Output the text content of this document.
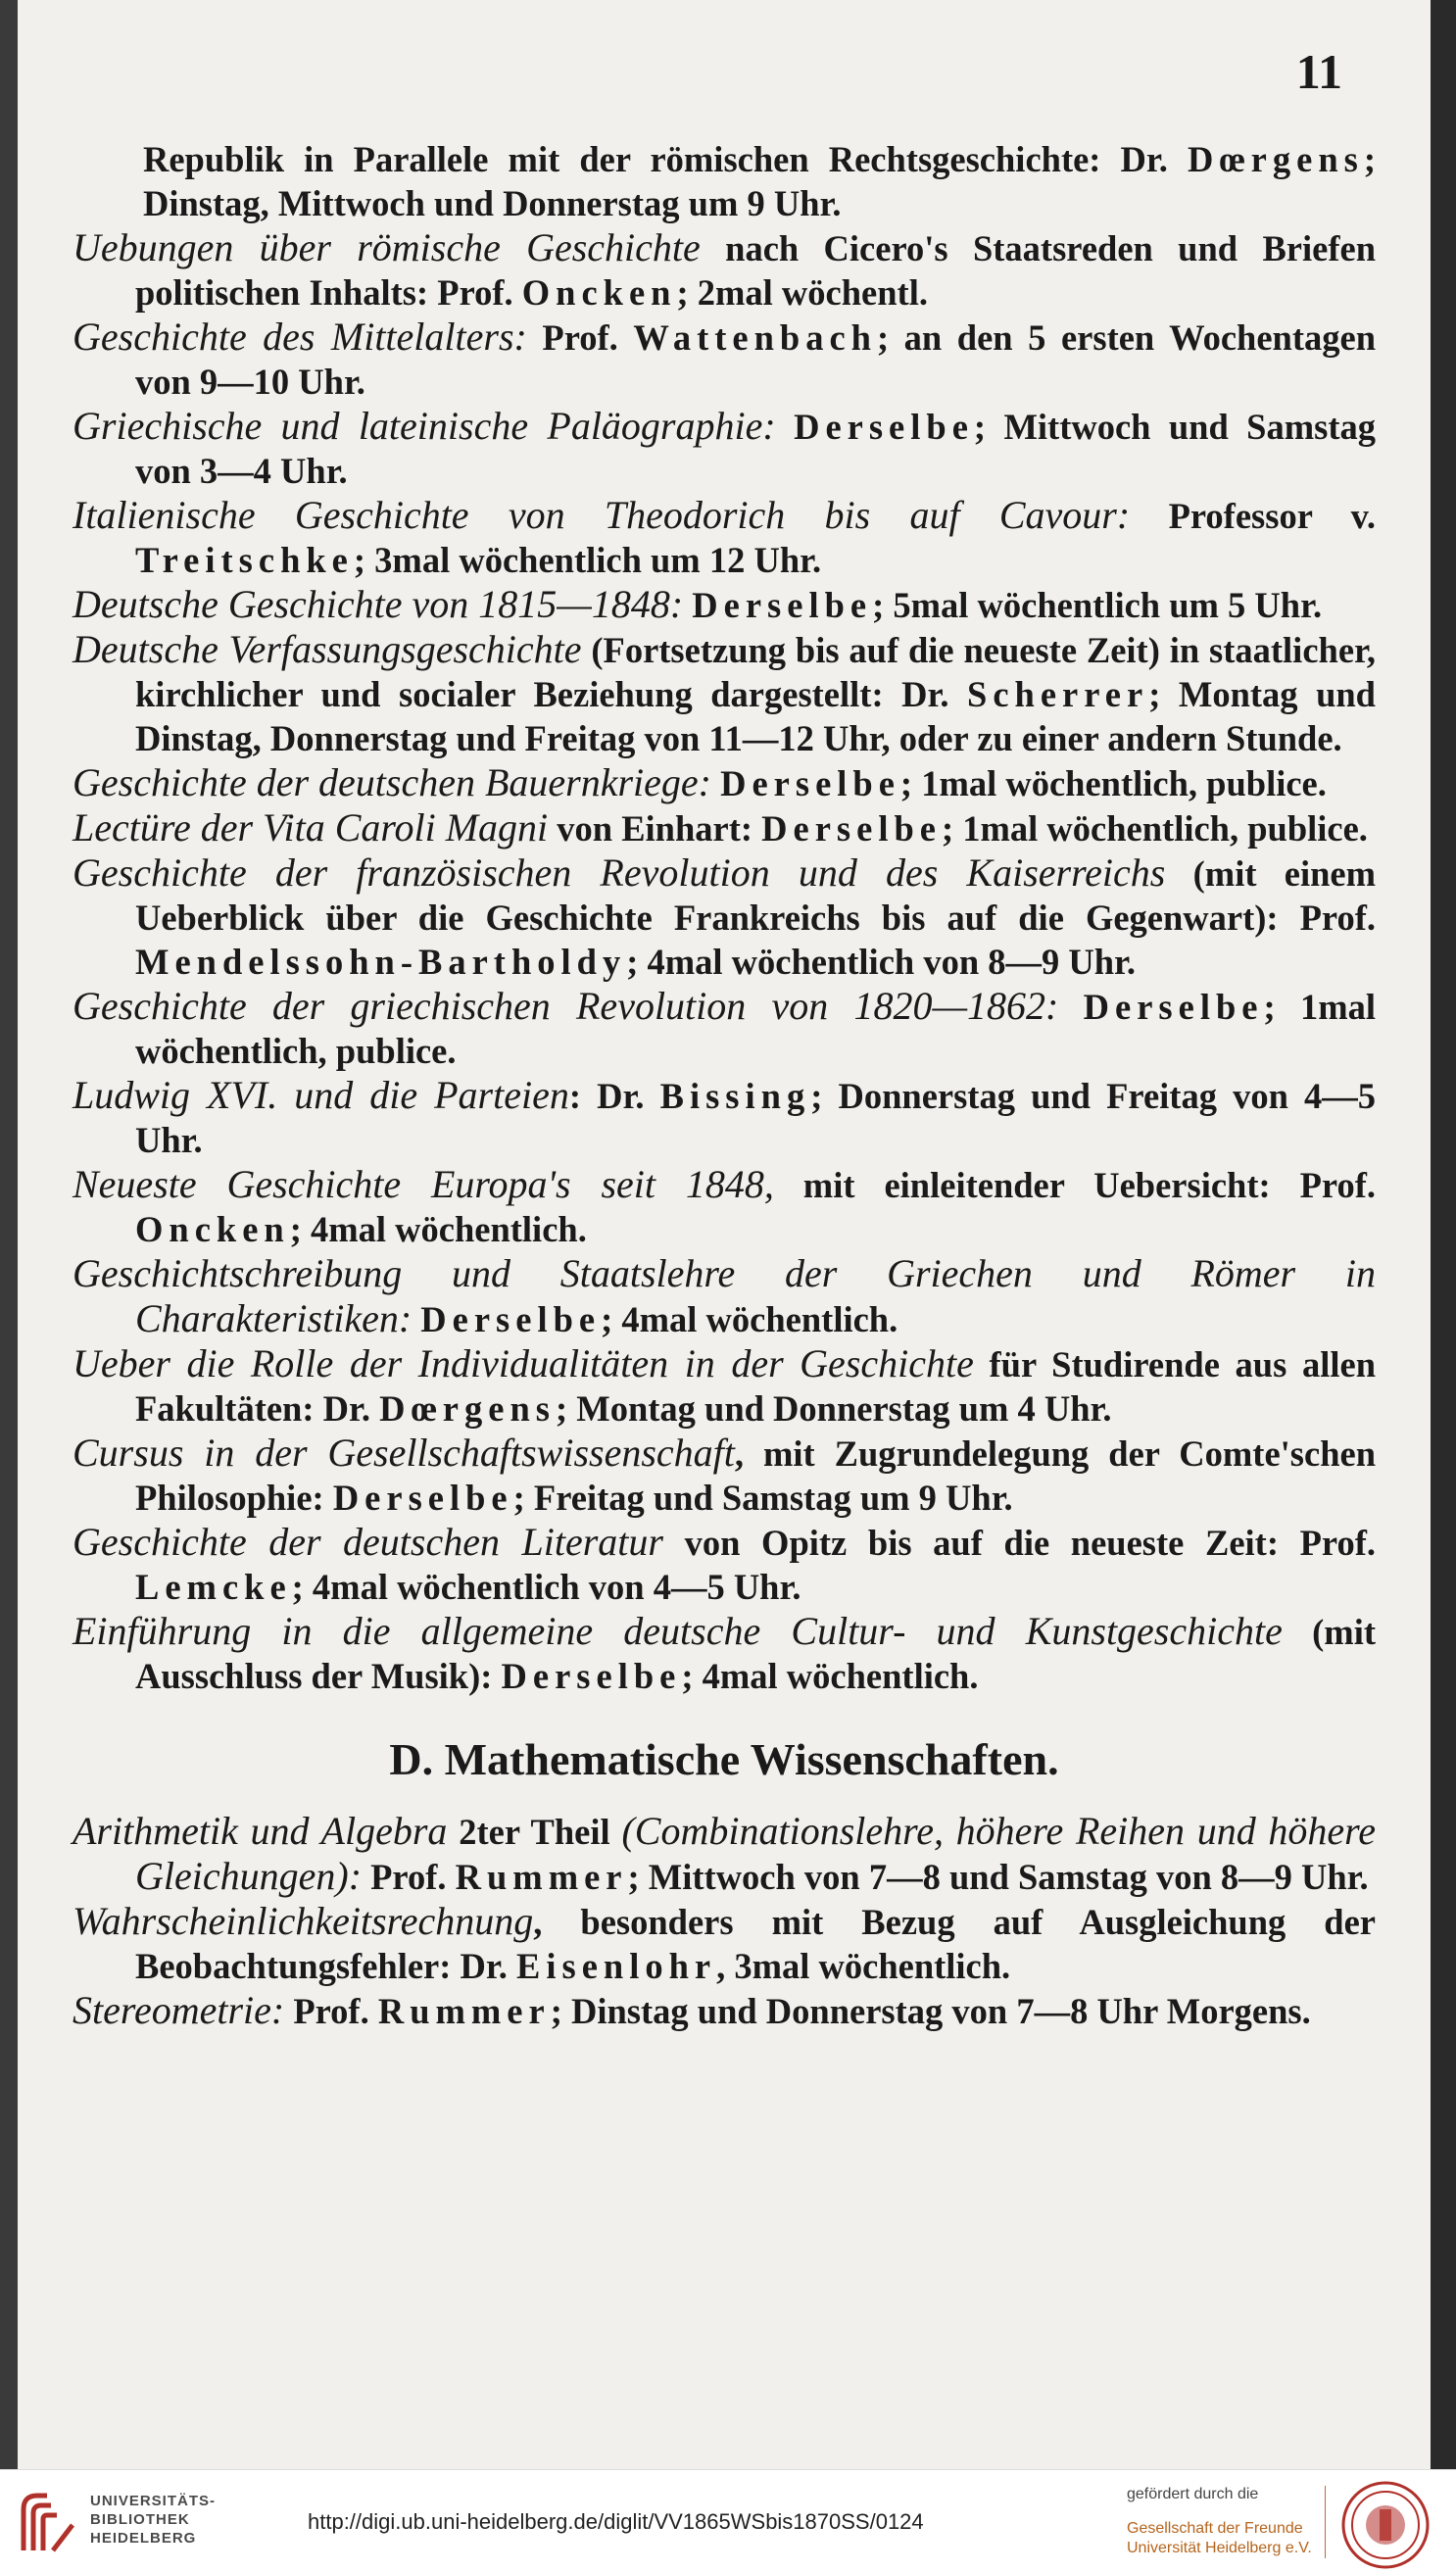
11

Republik in Parallele mit der römischen Rechtsgeschichte: Dr. Dœrgens; Dinstag, Mittwoch und Donnerstag um 9 Uhr.

Uebungen über römische Geschichte nach Cicero's Staatsreden und Briefen politischen Inhalts: Prof. Oncken; 2mal wöchentl.

Geschichte des Mittelalters: Prof. Wattenbach; an den 5 ersten Wochentagen von 9—10 Uhr.

Griechische und lateinische Paläographie: Derselbe; Mittwoch und Samstag von 3—4 Uhr.

Italienische Geschichte von Theodorich bis auf Cavour: Professor v. Treitschke; 3mal wöchentlich um 12 Uhr.

Deutsche Geschichte von 1815—1848: Derselbe; 5mal wöchentlich um 5 Uhr.

Deutsche Verfassungsgeschichte (Fortsetzung bis auf die neueste Zeit) in staatlicher, kirchlicher und socialer Beziehung dargestellt: Dr. Scherrer; Montag und Dinstag, Donnerstag und Freitag von 11—12 Uhr, oder zu einer andern Stunde.

Geschichte der deutschen Bauernkriege: Derselbe; 1mal wöchentlich, publice.

Lectüre der Vita Caroli Magni von Einhart: Derselbe; 1mal wöchentlich, publice.

Geschichte der französischen Revolution und des Kaiserreichs (mit einem Ueberblick über die Geschichte Frankreichs bis auf die Gegenwart): Prof. Mendelssohn-Bartholdy; 4mal wöchentlich von 8—9 Uhr.

Geschichte der griechischen Revolution von 1820—1862: Derselbe; 1mal wöchentlich, publice.

Ludwig XVI. und die Parteien: Dr. Bissing; Donnerstag und Freitag von 4—5 Uhr.

Neueste Geschichte Europa's seit 1848, mit einleitender Uebersicht: Prof. Oncken; 4mal wöchentlich.

Geschichtschreibung und Staatslehre der Griechen und Römer in Charakteristiken: Derselbe; 4mal wöchentlich.

Ueber die Rolle der Individualitäten in der Geschichte für Studirende aus allen Fakultäten: Dr. Dœrgens; Montag und Donnerstag um 4 Uhr.

Cursus in der Gesellschaftswissenschaft, mit Zugrundelegung der Comte'schen Philosophie: Derselbe; Freitag und Samstag um 9 Uhr.

Geschichte der deutschen Literatur von Opitz bis auf die neueste Zeit: Prof. Lemcke; 4mal wöchentlich von 4—5 Uhr.

Einführung in die allgemeine deutsche Cultur- und Kunstgeschichte (mit Ausschluss der Musik): Derselbe; 4mal wöchentlich.

D. Mathematische Wissenschaften.

Arithmetik und Algebra 2ter Theil (Combinationslehre, höhere Reihen und höhere Gleichungen): Prof. Rummer; Mittwoch von 7—8 und Samstag von 8—9 Uhr.

Wahrscheinlichkeitsrechnung, besonders mit Bezug auf Ausgleichung der Beobachtungsfehler: Dr. Eisenlohr, 3mal wöchentlich.

Stereometrie: Prof. Rummer; Dinstag und Donnerstag von 7—8 Uhr Morgens.

UNIVERSITÄTS-
BIBLIOTHEK
HEIDELBERG
http://digi.ub.uni-heidelberg.de/diglit/VV1865WSbis1870SS/0124
gefördert durch die
Gesellschaft der Freunde
Universität Heidelberg e.V.
